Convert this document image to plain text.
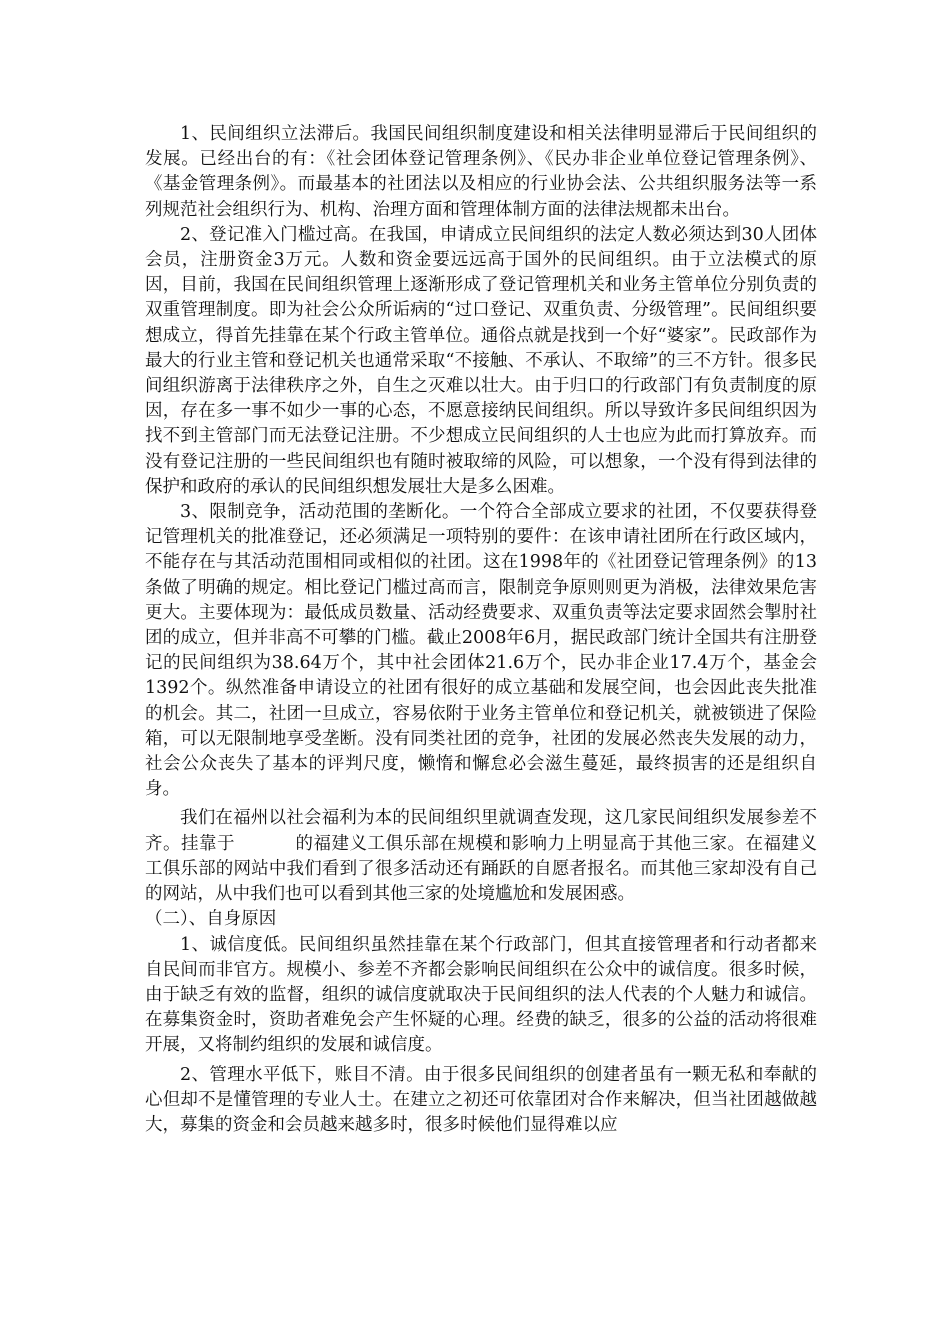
1、民间组织立法滞后。我国民间组织制度建设和相关法律明显滞后于民间组织的发展。已经出台的有：《社会团体登记管理条例》、《民办非企业单位登记管理条例》、《基金管理条例》。而最基本的社团法以及相应的行业协会法、公共组织服务法等一系列规范社会组织行为、机构、治理方面和管理体制方面的法律法规都未出台。

2、登记准入门槛过高。在我国，申请成立民间组织的法定人数必须达到30人团体会员，注册资金3万元。人数和资金要远远高于国外的民间组织。由于立法模式的原因，目前，我国在民间组织管理上逐渐形成了登记管理机关和业务主管单位分别负责的双重管理制度。即为社会公众所诟病的“过口登记、双重负责、分级管理”。民间组织要想成立，得首先挂靠在某个行政主管单位。通俗点就是找到一个好“婆家”。民政部作为最大的行业主管和登记机关也通常采取“不接触、不承认、不取缔”的三不方针。很多民间组织游离于法律秩序之外，自生之灭难以壮大。由于归口的行政部门有负责制度的原因，存在多一事不如少一事的心态，不愿意接纳民间组织。所以导致许多民间组织因为找不到主管部门而无法登记注册。不少想成立民间组织的人士也应为此而打算放弃。而没有登记注册的一些民间组织也有随时被取缔的风险，可以想象，一个没有得到法律的保护和政府的承认的民间组织想发展壮大是多么困难。

3、限制竞争，活动范围的垄断化。一个符合全部成立要求的社团，不仅要获得登记管理机关的批准登记，还必须满足一项特别的要件：在该申请社团所在行政区域内，不能存在与其活动范围相同或相似的社团。这在1998年的《社团登记管理条例》的13条做了明确的规定。相比登记门槛过高而言，限制竞争原则则更为消极，法律效果危害更大。主要体现为：最低成员数量、活动经费要求、双重负责等法定要求固然会掣肘社团的成立，但并非高不可攀的门槛。截止2008年6月，据民政部门统计全国共有注册登记的民间组织为38.64万个，其中社会团体21.6万个，民办非企业17.4万个，基金会1392个。纵然准备申请设立的社团有很好的成立基础和发展空间，也会因此丧失批准的机会。其二，社团一旦成立，容易依附于业务主管单位和登记机关，就被锁进了保险箱，可以无限制地享受垄断。没有同类社团的竞争，社团的发展必然丧失发展的动力，社会公众丧失了基本的评判尺度，懒惰和懈怠必会滋生蔓延，最终损害的还是组织自身。

我们在福州以社会福利为本的民间组织里就调查发现，这几家民间组织发展参差不齐。挂靠于	的福建义工俱乐部在规模和影响力上明显高于其他三家。在福建义工俱乐部的网站中我们看到了很多活动还有踊跃的自愿者报名。而其他三家却没有自己的网站，从中我们也可以看到其他三家的处境尴尬和发展困惑。

（二）、自身原因

1、诚信度低。民间组织虽然挂靠在某个行政部门，但其直接管理者和行动者都来自民间而非官方。规模小、参差不齐都会影响民间组织在公众中的诚信度。很多时候，由于缺乏有效的监督，组织的诚信度就取决于民间组织的法人代表的个人魅力和诚信。在募集资金时，资助者难免会产生怀疑的心理。经费的缺乏，很多的公益的活动将很难开展，又将制约组织的发展和诚信度。

2、管理水平低下，账目不清。由于很多民间组织的创建者虽有一颗无私和奉献的心但却不是懂管理的专业人士。在建立之初还可依靠团对合作来解决，但当社团越做越大，募集的资金和会员越来越多时，很多时候他们显得难以应
